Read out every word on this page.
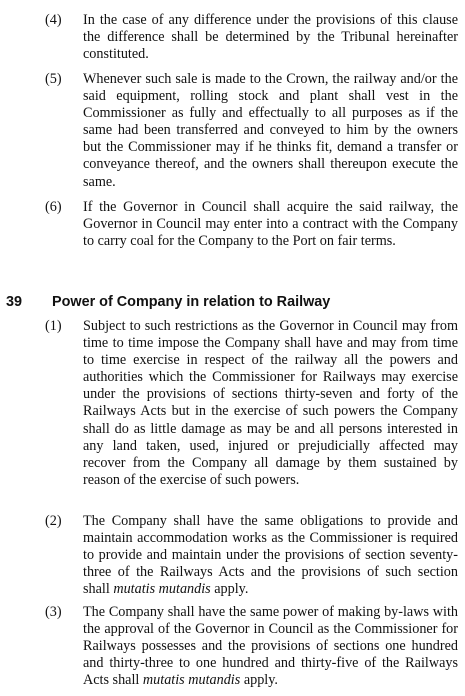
(4)	In the case of any difference under the provisions of this clause the difference shall be determined by the Tribunal hereinafter constituted.
(5)	Whenever such sale is made to the Crown, the railway and/or the said equipment, rolling stock and plant shall vest in the Commissioner as fully and effectually to all purposes as if the same had been transferred and conveyed to him by the owners but the Commissioner may if he thinks fit, demand a transfer or conveyance thereof, and the owners shall thereupon execute the same.
(6)	If the Governor in Council shall acquire the said railway, the Governor in Council may enter into a contract with the Company to carry coal for the Company to the Port on fair terms.
39 Power of Company in relation to Railway
(1)	Subject to such restrictions as the Governor in Council may from time to time impose the Company shall have and may from time to time exercise in respect of the railway all the powers and authorities which the Commissioner for Railways may exercise under the provisions of sections thirty-seven and forty of the Railways Acts but in the exercise of such powers the Company shall do as little damage as may be and all persons interested in any land taken, used, injured or prejudicially affected may recover from the Company all damage by them sustained by reason of the exercise of such powers.
(2)	The Company shall have the same obligations to provide and maintain accommodation works as the Commissioner is required to provide and maintain under the provisions of section seventy-three of the Railways Acts and the provisions of such section shall mutatis mutandis apply.
(3)	The Company shall have the same power of making by-laws with the approval of the Governor in Council as the Commissioner for Railways possesses and the provisions of sections one hundred and thirty-three to one hundred and thirty-five of the Railways Acts shall mutatis mutandis apply.
